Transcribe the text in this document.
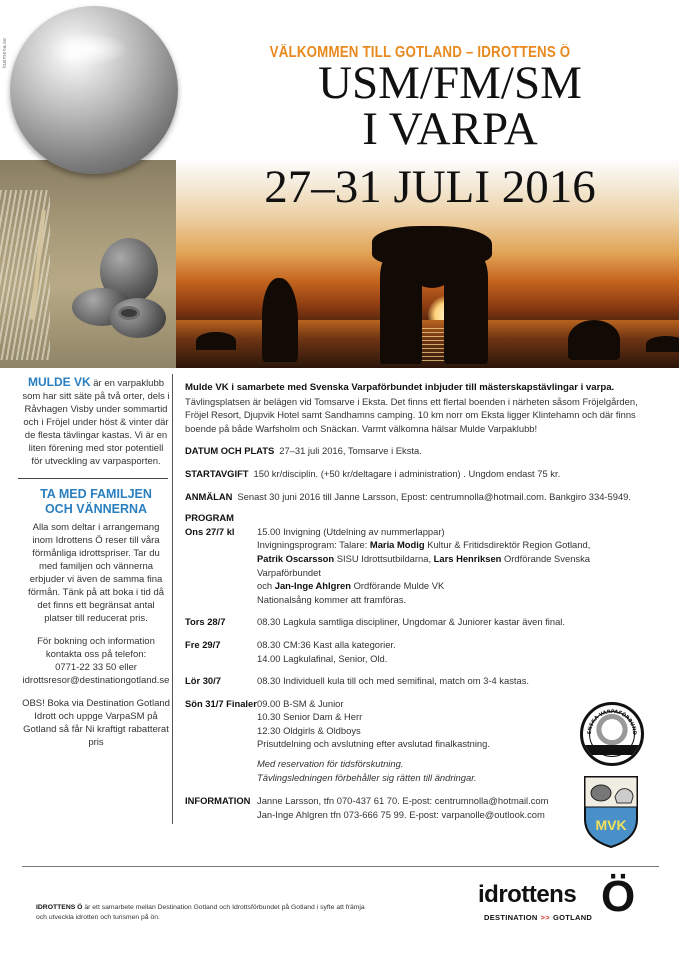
kusmena.se	VÄLKOMMEN TILL GOTLAND – IDROTTENS Ö
USM/FM/SM
I VARPA
27–31 JULI 2016
MULDE VK är en varpaklubb som har sitt säte på två orter, dels i Råvhagen Visby under sommartid och i Fröjel under höst & vinter där de flesta tävlingar kastas. Vi är en liten förening med stor potentiell för utveckling av varpasporten.
TA MED FAMILJEN
OCH VÄNNERNA
Alla som deltar i arrangemang inom Idrottens Ö reser till våra förmånliga idrottspriser. Tar du med familjen och vännerna erbjuder vi även de samma fina förmån. Tänk på att boka i tid då det finns ett begränsat antal platser till reducerat pris.
För bokning och information kontakta oss på telefon:
0771-22 33 50 eller
idrottsresor@destinationgotland.se
OBS! Boka via Destination Gotland Idrott och uppge VarpaSM på Gotland så får Ni kraftigt rabatterat pris
Mulde VK i samarbete med Svenska Varpaförbundet inbjuder till mästerskapstävlingar i varpa.
Tävlingsplatsen är belägen vid Tomsarve i Eksta. Det finns ett flertal boenden i närheten såsom Fröjelgården, Fröjel Resort, Djupvik Hotel samt Sandhamns camping. 10 km norr om Eksta ligger Klintehamn och där finns boende på både Warfsholm och Snäckan. Varmt välkomna hälsar Mulde Varpaklubb!
DATUM OCH PLATS 27–31 juli 2016, Tomsarve i Eksta.
STARTAVGIFT 150 kr/disciplin. (+50 kr/deltagare i administration) . Ungdom endast 75 kr.
ANMÄLAN Senast 30 juni 2016 till Janne Larsson, Epost: centrumnolla@hotmail.com. Bankgiro 334-5949.
PROGRAM
Ons 27/7 kl	15.00 Invigning (Utdelning av nummerlappar)
Invigningsprogram: Talare: Maria Modig Kultur & Fritidsdirektör Region Gotland,
Patrik Oscarsson SISU Idrottsutbildarna, Lars Henriksen Ordförande Svenska Varpaförbundet
och Jan-Inge Ahlgren Ordförande Mulde VK
Nationalsång kommer att framföras.
Tors 28/7	08.30 Lagkula samtliga discipliner, Ungdomar & Juniorer kastar även final.
Fre 29/7	08.30 CM:36 Kast alla kategorier.
14.00 Lagkulafinal, Senior, Old.
Lör 30/7	08.30 Individuell kula till och med semifinal, match om 3-4 kastas.
Sön 31/7 Finaler 09.00 B-SM & Junior
10.30 Senior Dam & Herr
12.30 Oldgirls & Oldboys
Prisutdelning och avslutning efter avslutad finalkastning.
Med reservation för tidsförskutning.
Tävlingsledningen förbehåller sig rätten till ändringar.
INFORMATION Janne Larsson, tfn 070-437 61 70. E-post: centrumnolla@hotmail.com
Jan-Inge Ahlgren tfn 073-666 75 99. E-post: varpanolle@outlook.com
ENSKA VARPAFÖRBUND
MVK
IDROTTENS Ö är ett samarbete mellan Destination Gotland och Idrottsförbundet på Gotland i syfte att främja och utveckla idrotten och turismen på ön.
idrottens Ö
DESTINATION >> GOTLAND
